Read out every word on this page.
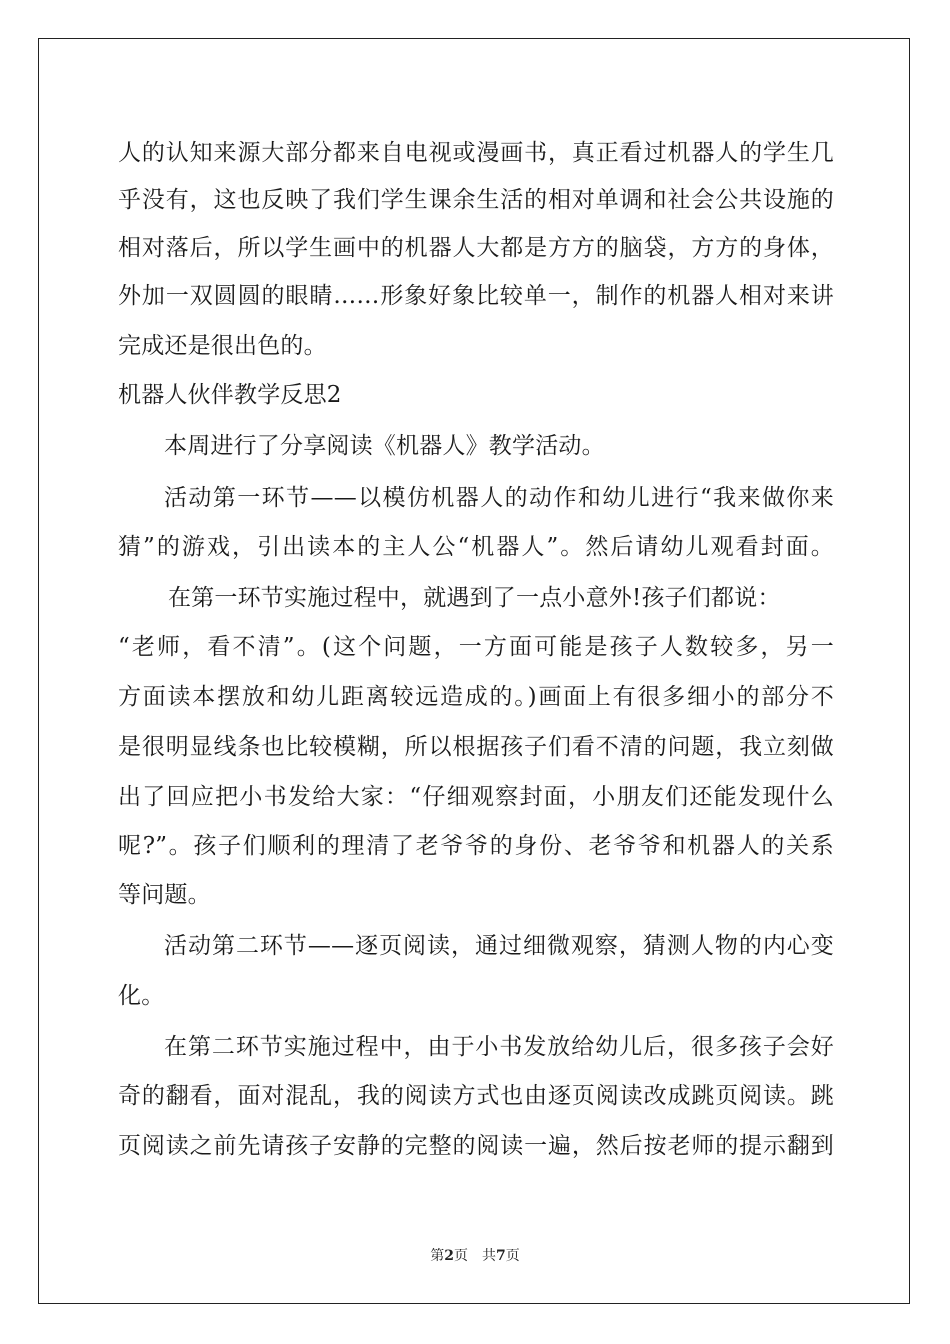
人的认知来源大部分都来自电视或漫画书，真正看过机器人的学生几
乎没有，这也反映了我们学生课余生活的相对单调和社会公共设施的
相对落后，所以学生画中的机器人大都是方方的脑袋，方方的身体，
外加一双圆圆的眼睛……形象好象比较单一，制作的机器人相对来讲
完成还是很出色的。
机器人伙伴教学反思2
本周进行了分享阅读《机器人》教学活动。
活动第一环节——以模仿机器人的动作和幼儿进行“我来做你来
猜”的游戏，引出读本的主人公“机器人”。然后请幼儿观看封面。
在第一环节实施过程中，就遇到了一点小意外!孩子们都说：
“老师，看不清”。(这个问题，一方面可能是孩子人数较多，另一
方面读本摆放和幼儿距离较远造成的。)画面上有很多细小的部分不
是很明显线条也比较模糊，所以根据孩子们看不清的问题，我立刻做
出了回应把小书发给大家：“仔细观察封面，小朋友们还能发现什么
呢?”。孩子们顺利的理清了老爷爷的身份、老爷爷和机器人的关系
等问题。
活动第二环节——逐页阅读，通过细微观察，猜测人物的内心变
化。
在第二环节实施过程中，由于小书发放给幼儿后，很多孩子会好
奇的翻看，面对混乱，我的阅读方式也由逐页阅读改成跳页阅读。跳
页阅读之前先请孩子安静的完整的阅读一遍，然后按老师的提示翻到
第2页 共7页
